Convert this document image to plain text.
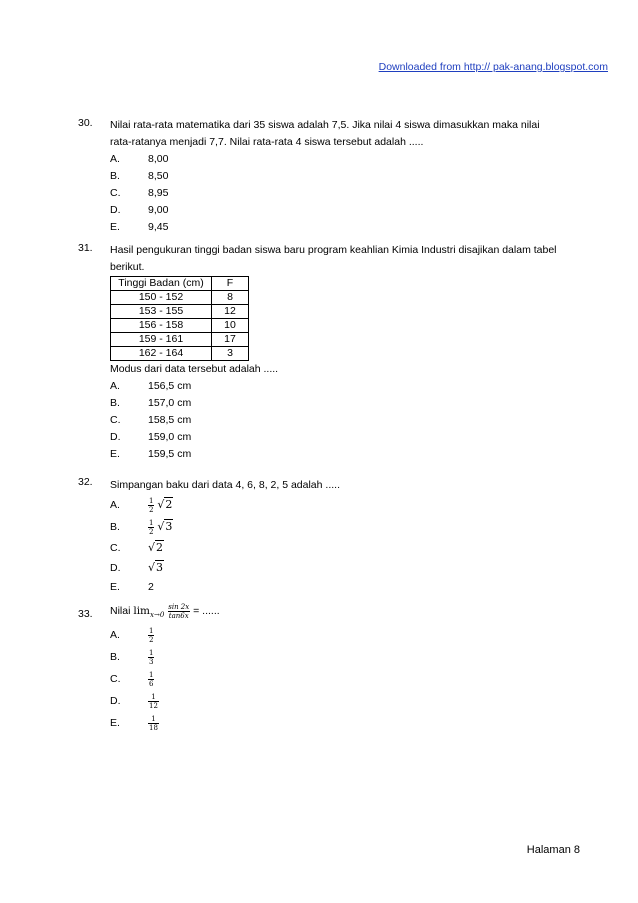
Downloaded from http:// pak-anang.blogspot.com
30. Nilai rata-rata matematika dari 35 siswa adalah 7,5. Jika nilai 4 siswa dimasukkan maka nilai
rata-ratanya menjadi 7,7. Nilai rata-rata 4 siswa tersebut adalah .....
A.	8,00
B.	8,50
C.	8,95
D.	9,00
E.	9,45
31. Hasil pengukuran tinggi badan siswa baru program keahlian Kimia Industri disajikan dalam tabel
berikut.
Tinggi Badan (cm)	F
150 - 152	8
153 - 155	12
156 - 158	10
159 - 161	17
162 - 164	3
Modus dari data tersebut adalah .....
A.	156,5 cm
B.	157,0 cm
C.	158,5 cm
D.	159,0 cm
E.	159,5 cm
32. Simpangan baku dari data 4, 6, 8, 2, 5 adalah .....
A.	$\frac{1}{2} √2$
B.	$\frac{1}{2} √3$
C.	√2
D.	√3
E.	2
33. Nilai $\lim_{x\to 0} \frac{\sin 2x}{\tan 6x}$ = ......
A.	$\frac{1}{2}$
B.	$\frac{1}{3}$
C.	$\frac{1}{6}$
D.	$\frac{1}{12}$
E.	$\frac{1}{18}$
Halaman 8
